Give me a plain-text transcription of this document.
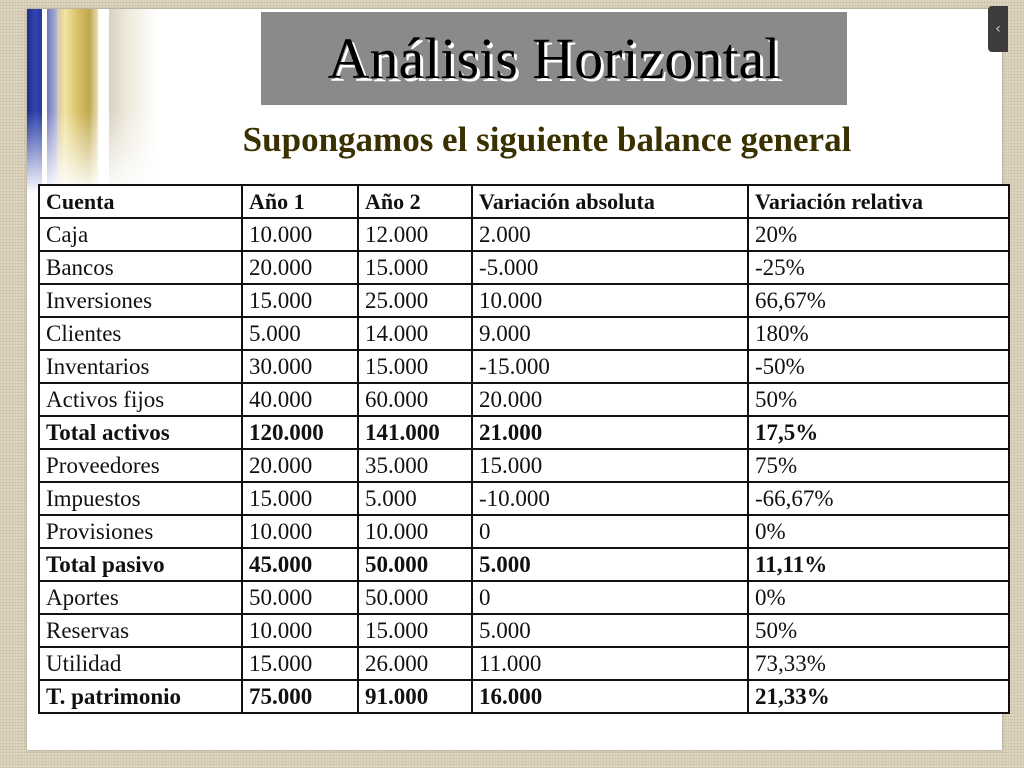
Análisis Horizontal
Supongamos el siguiente balance general
‹
Cuenta	Año 1	Año 2	Variación absoluta	Variación relativa
Caja	10.000	12.000	2.000	20%
Bancos	20.000	15.000	-5.000	-25%
Inversiones	15.000	25.000	10.000	66,67%
Clientes	5.000	14.000	9.000	180%
Inventarios	30.000	15.000	-15.000	-50%
Activos fijos	40.000	60.000	20.000	50%
Total activos	120.000	141.000	21.000	17,5%
Proveedores	20.000	35.000	15.000	75%
Impuestos	15.000	5.000	-10.000	-66,67%
Provisiones	10.000	10.000	0	0%
Total pasivo	45.000	50.000	5.000	11,11%
Aportes	50.000	50.000	0	0%
Reservas	10.000	15.000	5.000	50%
Utilidad	15.000	26.000	11.000	73,33%
T. patrimonio	75.000	91.000	16.000	21,33%
